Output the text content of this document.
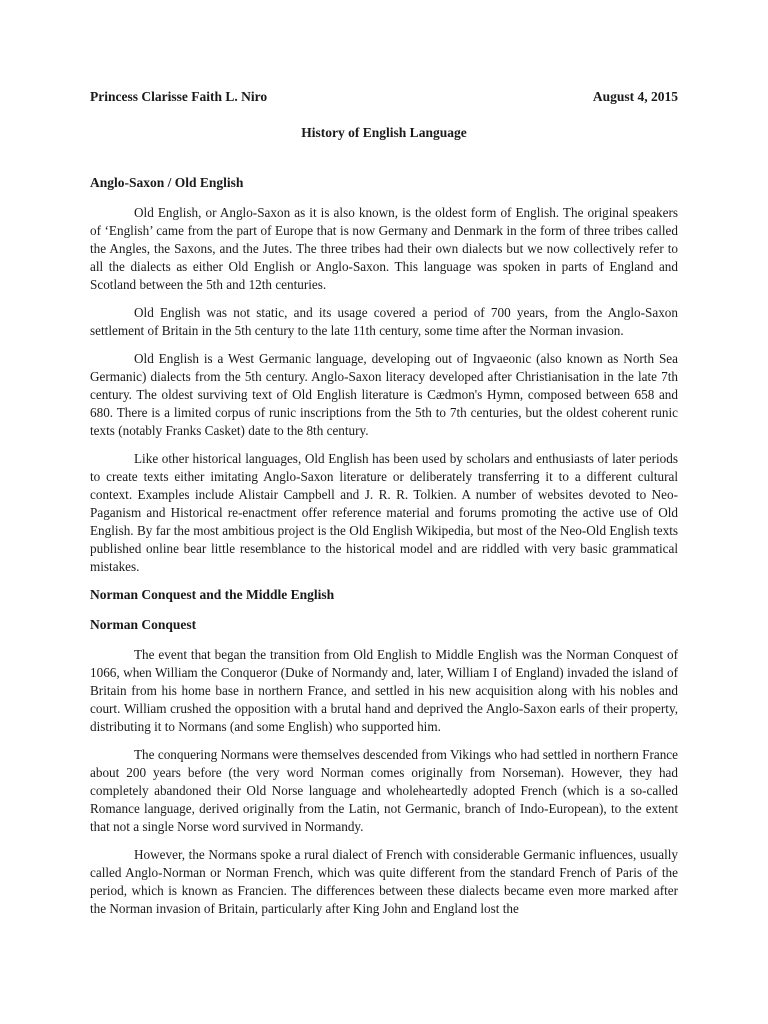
Princess Clarisse Faith L. Niro	August 4, 2015
History of English Language
Anglo-Saxon / Old English

Old English, or Anglo-Saxon as it is also known, is the oldest form of English. The original speakers of ‘English’ came from the part of Europe that is now Germany and Denmark in the form of three tribes called the Angles, the Saxons, and the Jutes. The three tribes had their own dialects but we now collectively refer to all the dialects as either Old English or Anglo-Saxon. This language was spoken in parts of England and Scotland between the 5th and 12th centuries.

Old English was not static, and its usage covered a period of 700 years, from the Anglo-Saxon settlement of Britain in the 5th century to the late 11th century, some time after the Norman invasion.

Old English is a West Germanic language, developing out of Ingvaeonic (also known as North Sea Germanic) dialects from the 5th century. Anglo-Saxon literacy developed after Christianisation in the late 7th century. The oldest surviving text of Old English literature is Cædmon's Hymn, composed between 658 and 680. There is a limited corpus of runic inscriptions from the 5th to 7th centuries, but the oldest coherent runic texts (notably Franks Casket) date to the 8th century.

Like other historical languages, Old English has been used by scholars and enthusiasts of later periods to create texts either imitating Anglo-Saxon literature or deliberately transferring it to a different cultural context. Examples include Alistair Campbell and J. R. R. Tolkien. A number of websites devoted to Neo-Paganism and Historical re-enactment offer reference material and forums promoting the active use of Old English. By far the most ambitious project is the Old English Wikipedia, but most of the Neo-Old English texts published online bear little resemblance to the historical model and are riddled with very basic grammatical mistakes.

Norman Conquest and the Middle English
Norman Conquest

The event that began the transition from Old English to Middle English was the Norman Conquest of 1066, when William the Conqueror (Duke of Normandy and, later, William I of England) invaded the island of Britain from his home base in northern France, and settled in his new acquisition along with his nobles and court. William crushed the opposition with a brutal hand and deprived the Anglo-Saxon earls of their property, distributing it to Normans (and some English) who supported him.

The conquering Normans were themselves descended from Vikings who had settled in northern France about 200 years before (the very word Norman comes originally from Norseman). However, they had completely abandoned their Old Norse language and wholeheartedly adopted French (which is a so-called Romance language, derived originally from the Latin, not Germanic, branch of Indo-European), to the extent that not a single Norse word survived in Normandy.

However, the Normans spoke a rural dialect of French with considerable Germanic influences, usually called Anglo-Norman or Norman French, which was quite different from the standard French of Paris of the period, which is known as Francien. The differences between these dialects became even more marked after the Norman invasion of Britain, particularly after King John and England lost the
